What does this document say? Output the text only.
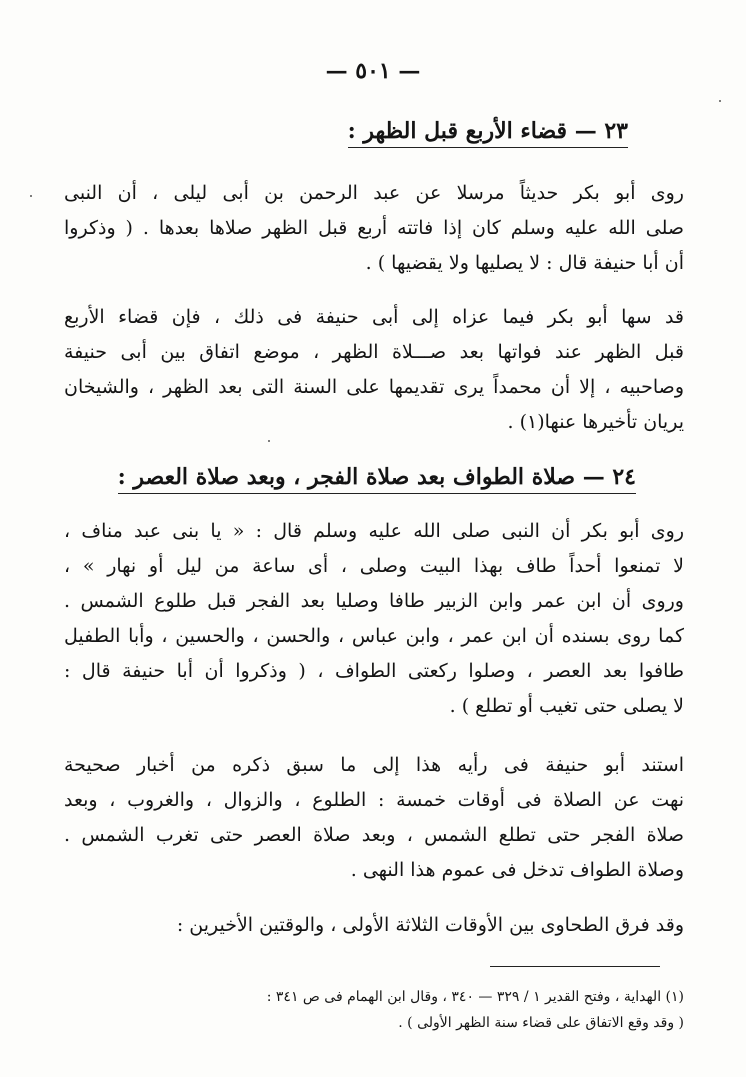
— ٥٠١ —
٢٣ — قضاء الأربع قبل الظهر :
روى أبو بكر حديثاً مرسلا عن عبد الرحمن بن أبى ليلى ، أن النبى
صلى الله عليه وسلم كان إذا فاتته أربع قبل الظهر صلاها بعدها . ( وذكروا
أن أبا حنيفة قال : لا يصليها ولا يقضيها ) .
قد سها أبو بكر فيما عزاه إلى أبى حنيفة فى ذلك ، فإن قضاء الأربع
قبل الظهر عند فواتها بعد صـــلاة الظهر ، موضع اتفاق بين أبى حنيفة
وصاحبيه ، إلا أن محمداً يرى تقديمها على السنة التى بعد الظهر ، والشيخان
يريان تأخيرها عنها(١) .
٢٤ — صلاة الطواف بعد صلاة الفجر ، وبعد صلاة العصر :
روى أبو بكر أن النبى صلى الله عليه وسلم قال : « يا بنى عبد مناف ،
لا تمنعوا أحداً طاف بهذا البيت وصلى ، أى ساعة من ليل أو نهار » ،
وروى أن ابن عمر وابن الزبير طافا وصليا بعد الفجر قبل طلوع الشمس .
كما روى بسنده أن ابن عمر ، وابن عباس ، والحسن ، والحسين ، وأبا الطفيل
طافوا بعد العصر ، وصلوا ركعتى الطواف ، ( وذكروا أن أبا حنيفة قال :
لا يصلى حتى تغيب أو تطلع ) .
استند أبو حنيفة فى رأيه هذا إلى ما سبق ذكره من أخبار صحيحة
نهت عن الصلاة فى أوقات خمسة : الطلوع ، والزوال ، والغروب ، وبعد
صلاة الفجر حتى تطلع الشمس ، وبعد صلاة العصر حتى تغرب الشمس .
وصلاة الطواف تدخل فى عموم هذا النهى .
وقد فرق الطحاوى بين الأوقات الثلاثة الأولى ، والوقتين الأخيرين :
(١) الهداية ، وفتح القدير ١ / ٣٢٩ — ٣٤٠ ، وقال ابن الهمام فى ص ٣٤١ :
( وقد وقع الاتفاق على قضاء سنة الظهر الأولى ) .
